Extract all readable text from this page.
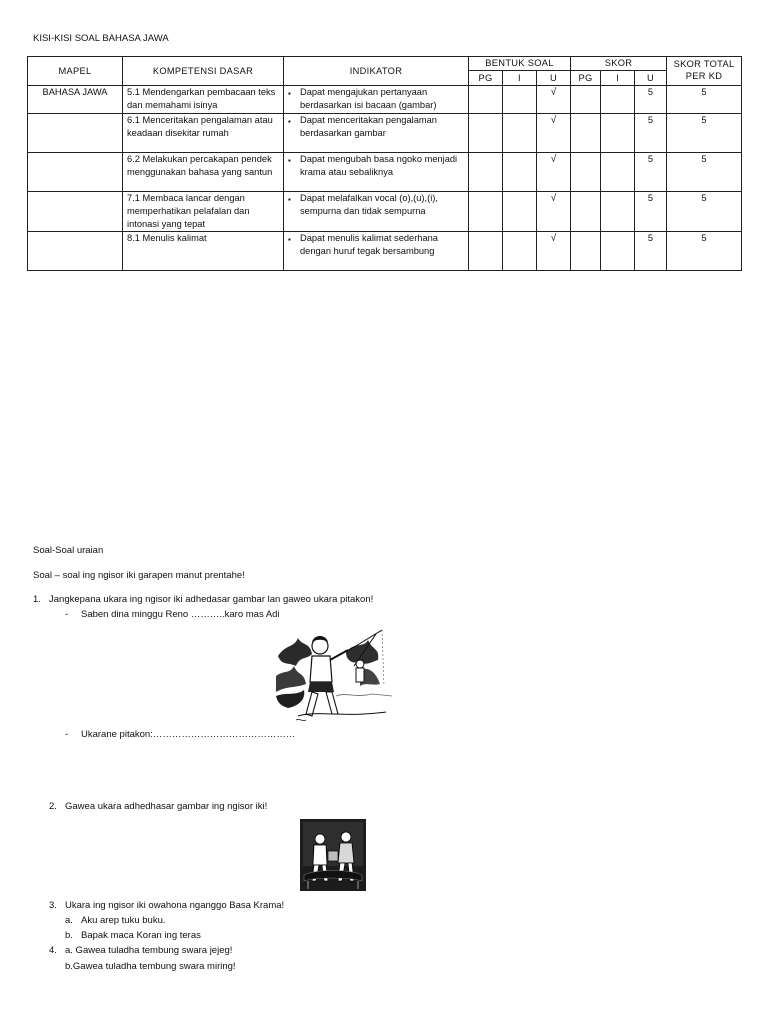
KISI-KISI SOAL BAHASA JAWA
MAPEL	KOMPETENSI DASAR	INDIKATOR	BENTUK SOAL			SKOR			SKOR TOTAL PER KD
			PG	I	U	PG	I	U	
BAHASA JAWA	5.1 Mendengarkan pembacaan teks dan memahami isinya	▪ Dapat mengajukan pertanyaan berdasarkan isi bacaan (gambar)			√			5	5
	6.1 Menceritakan pengalaman atau keadaan disekitar rumah	▪ Dapat menceritakan pengalaman berdasarkan gambar			√			5	5
	6.2 Melakukan percakapan pendek menggunakan bahasa yang santun	▪ Dapat mengubah basa ngoko menjadi krama atau sebaliknya			√			5	5
	7.1 Membaca lancar dengan memperhatikan pelafalan dan intonasi yang tepat	▪ Dapat melafalkan vocal (o),(u),(i), sempurna dan tidak sempurna			√			5	5
	8.1 Menulis kalimat	▪ Dapat menulis kalimat sederhana dengan huruf tegak bersambung			√			5	5
Soal-Soal uraian
Soal – soal ing ngisor iki garapen manut prentahe!
1. Jangkepana ukara ing ngisor iki adhedasar gambar lan gaweo ukara pitakon!
- Saben dina minggu Reno ………..karo mas Adi
- Ukarane pitakon:………………………………………
2. Gawea ukara adhedhasar gambar ing ngisor iki!
3. Ukara ing ngisor iki owahona nganggo Basa Krama!
a. Aku arep tuku buku.
b. Bapak maca Koran ing teras
4. a. Gawea tuladha tembung swara jejeg!
b.Gawea tuladha tembung swara miring!
